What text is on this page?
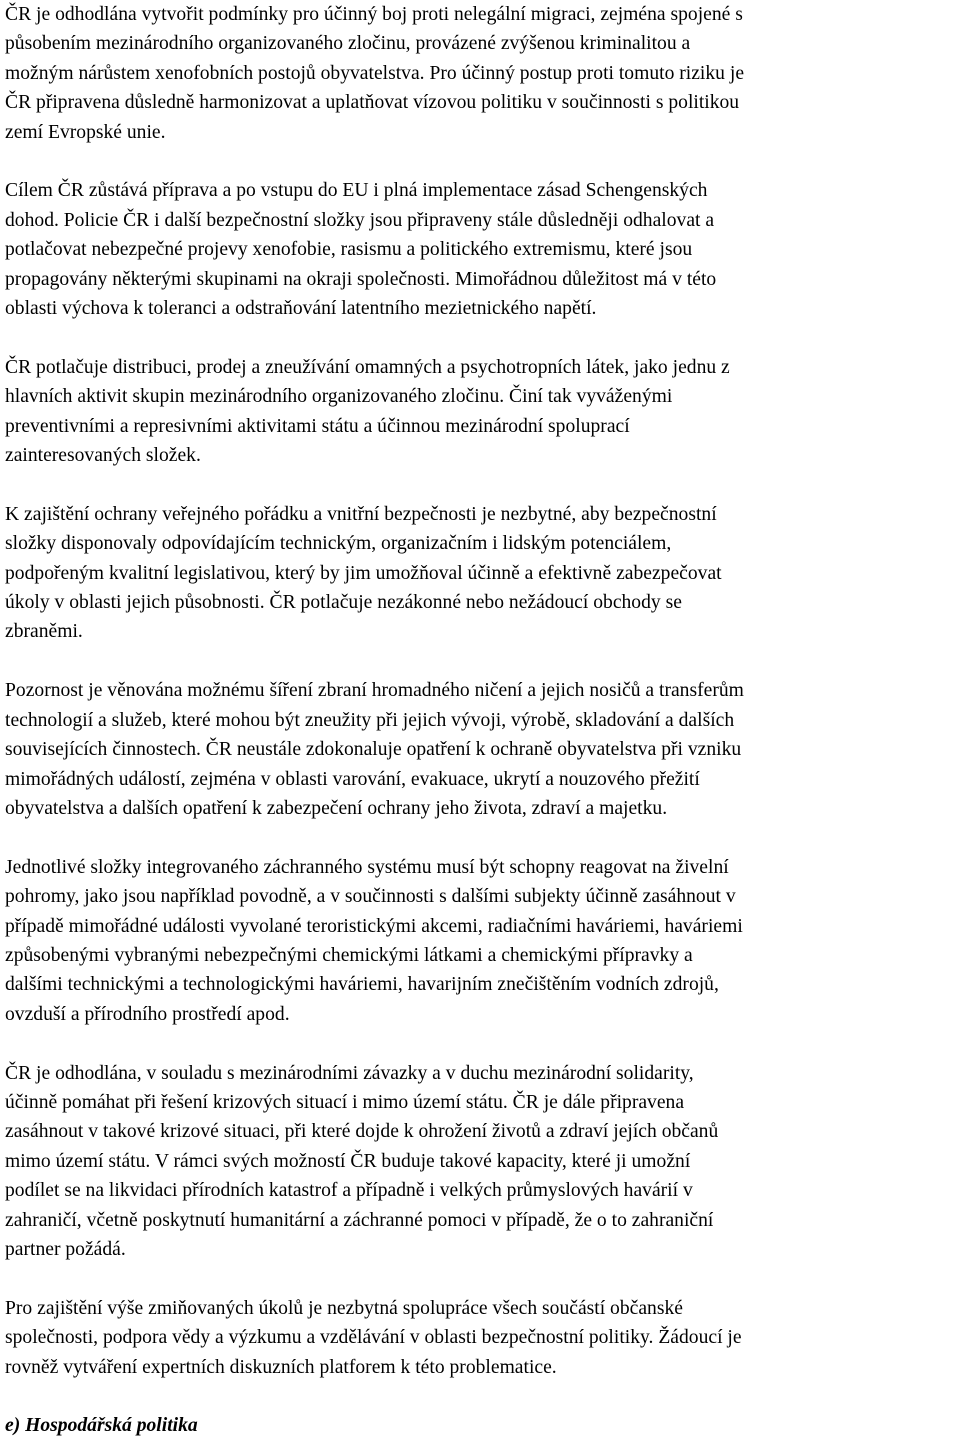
ČR je odhodlána vytvořit podmínky pro účinný boj proti nelegální migraci, zejména spojené s
působením mezinárodního organizovaného zločinu, provázené zvýšenou kriminalitou a
možným nárůstem xenofobních postojů obyvatelstva. Pro účinný postup proti tomuto riziku je
ČR připravena důsledně harmonizovat a uplatňovat vízovou politiku v součinnosti s politikou
zemí Evropské unie.

Cílem ČR zůstává příprava a po vstupu do EU i plná implementace zásad Schengenských
dohod. Policie ČR i další bezpečnostní složky jsou připraveny stále důsledněji odhalovat a
potlačovat nebezpečné projevy xenofobie, rasismu a politického extremismu, které jsou
propagovány některými skupinami na okraji společnosti. Mimořádnou důležitost má v této
oblasti výchova k toleranci a odstraňování latentního mezietnického napětí.

ČR potlačuje distribuci, prodej a zneužívání omamných a psychotropních látek, jako jednu z
hlavních aktivit skupin mezinárodního organizovaného zločinu. Činí tak vyváženými
preventivními a represivními aktivitami státu a účinnou mezinárodní spoluprací
zainteresovaných složek.

K zajištění ochrany veřejného pořádku a vnitřní bezpečnosti je nezbytné, aby bezpečnostní
složky disponovaly odpovídajícím technickým, organizačním i lidským potenciálem,
podpořeným kvalitní legislativou, který by jim umožňoval účinně a efektivně zabezpečovat
úkoly v oblasti jejich působnosti. ČR potlačuje nezákonné nebo nežádoucí obchody se
zbraněmi.

Pozornost je věnována možnému šíření zbraní hromadného ničení a jejich nosičů a transferům
technologií a služeb, které mohou být zneužity při jejich vývoji, výrobě, skladování a dalších
souvisejících činnostech. ČR neustále zdokonaluje opatření k ochraně obyvatelstva při vzniku
mimořádných událostí, zejména v oblasti varování, evakuace, ukrytí a nouzového přežití
obyvatelstva a dalších opatření k zabezpečení ochrany jeho života, zdraví a majetku.

Jednotlivé složky integrovaného záchranného systému musí být schopny reagovat na živelní
pohromy, jako jsou například povodně, a v součinnosti s dalšími subjekty účinně zasáhnout v
případě mimořádné události vyvolané teroristickými akcemi, radiačními haváriemi, haváriemi
způsobenými vybranými nebezpečnými chemickými látkami a chemickými přípravky a
dalšími technickými a technologickými haváriemi, havarijním znečištěním vodních zdrojů,
ovzduší a přírodního prostředí apod.

ČR je odhodlána, v souladu s mezinárodními závazky a v duchu mezinárodní solidarity,
účinně pomáhat při řešení krizových situací i mimo území státu. ČR je dále připravena
zasáhnout v takové krizové situaci, při které dojde k ohrožení životů a zdraví jejích občanů
mimo území státu. V rámci svých možností ČR buduje takové kapacity, které ji umožní
podílet se na likvidaci přírodních katastrof a případně i velkých průmyslových havárií v
zahraničí, včetně poskytnutí humanitární a záchranné pomoci v případě, že o to zahraniční
partner požádá.

Pro zajištění výše zmiňovaných úkolů je nezbytná spolupráce všech součástí občanské
společnosti, podpora vědy a výzkumu a vzdělávání v oblasti bezpečnostní politiky. Žádoucí je
rovněž vytváření expertních diskuzních platforem k této problematice.

e) Hospodářská politika
